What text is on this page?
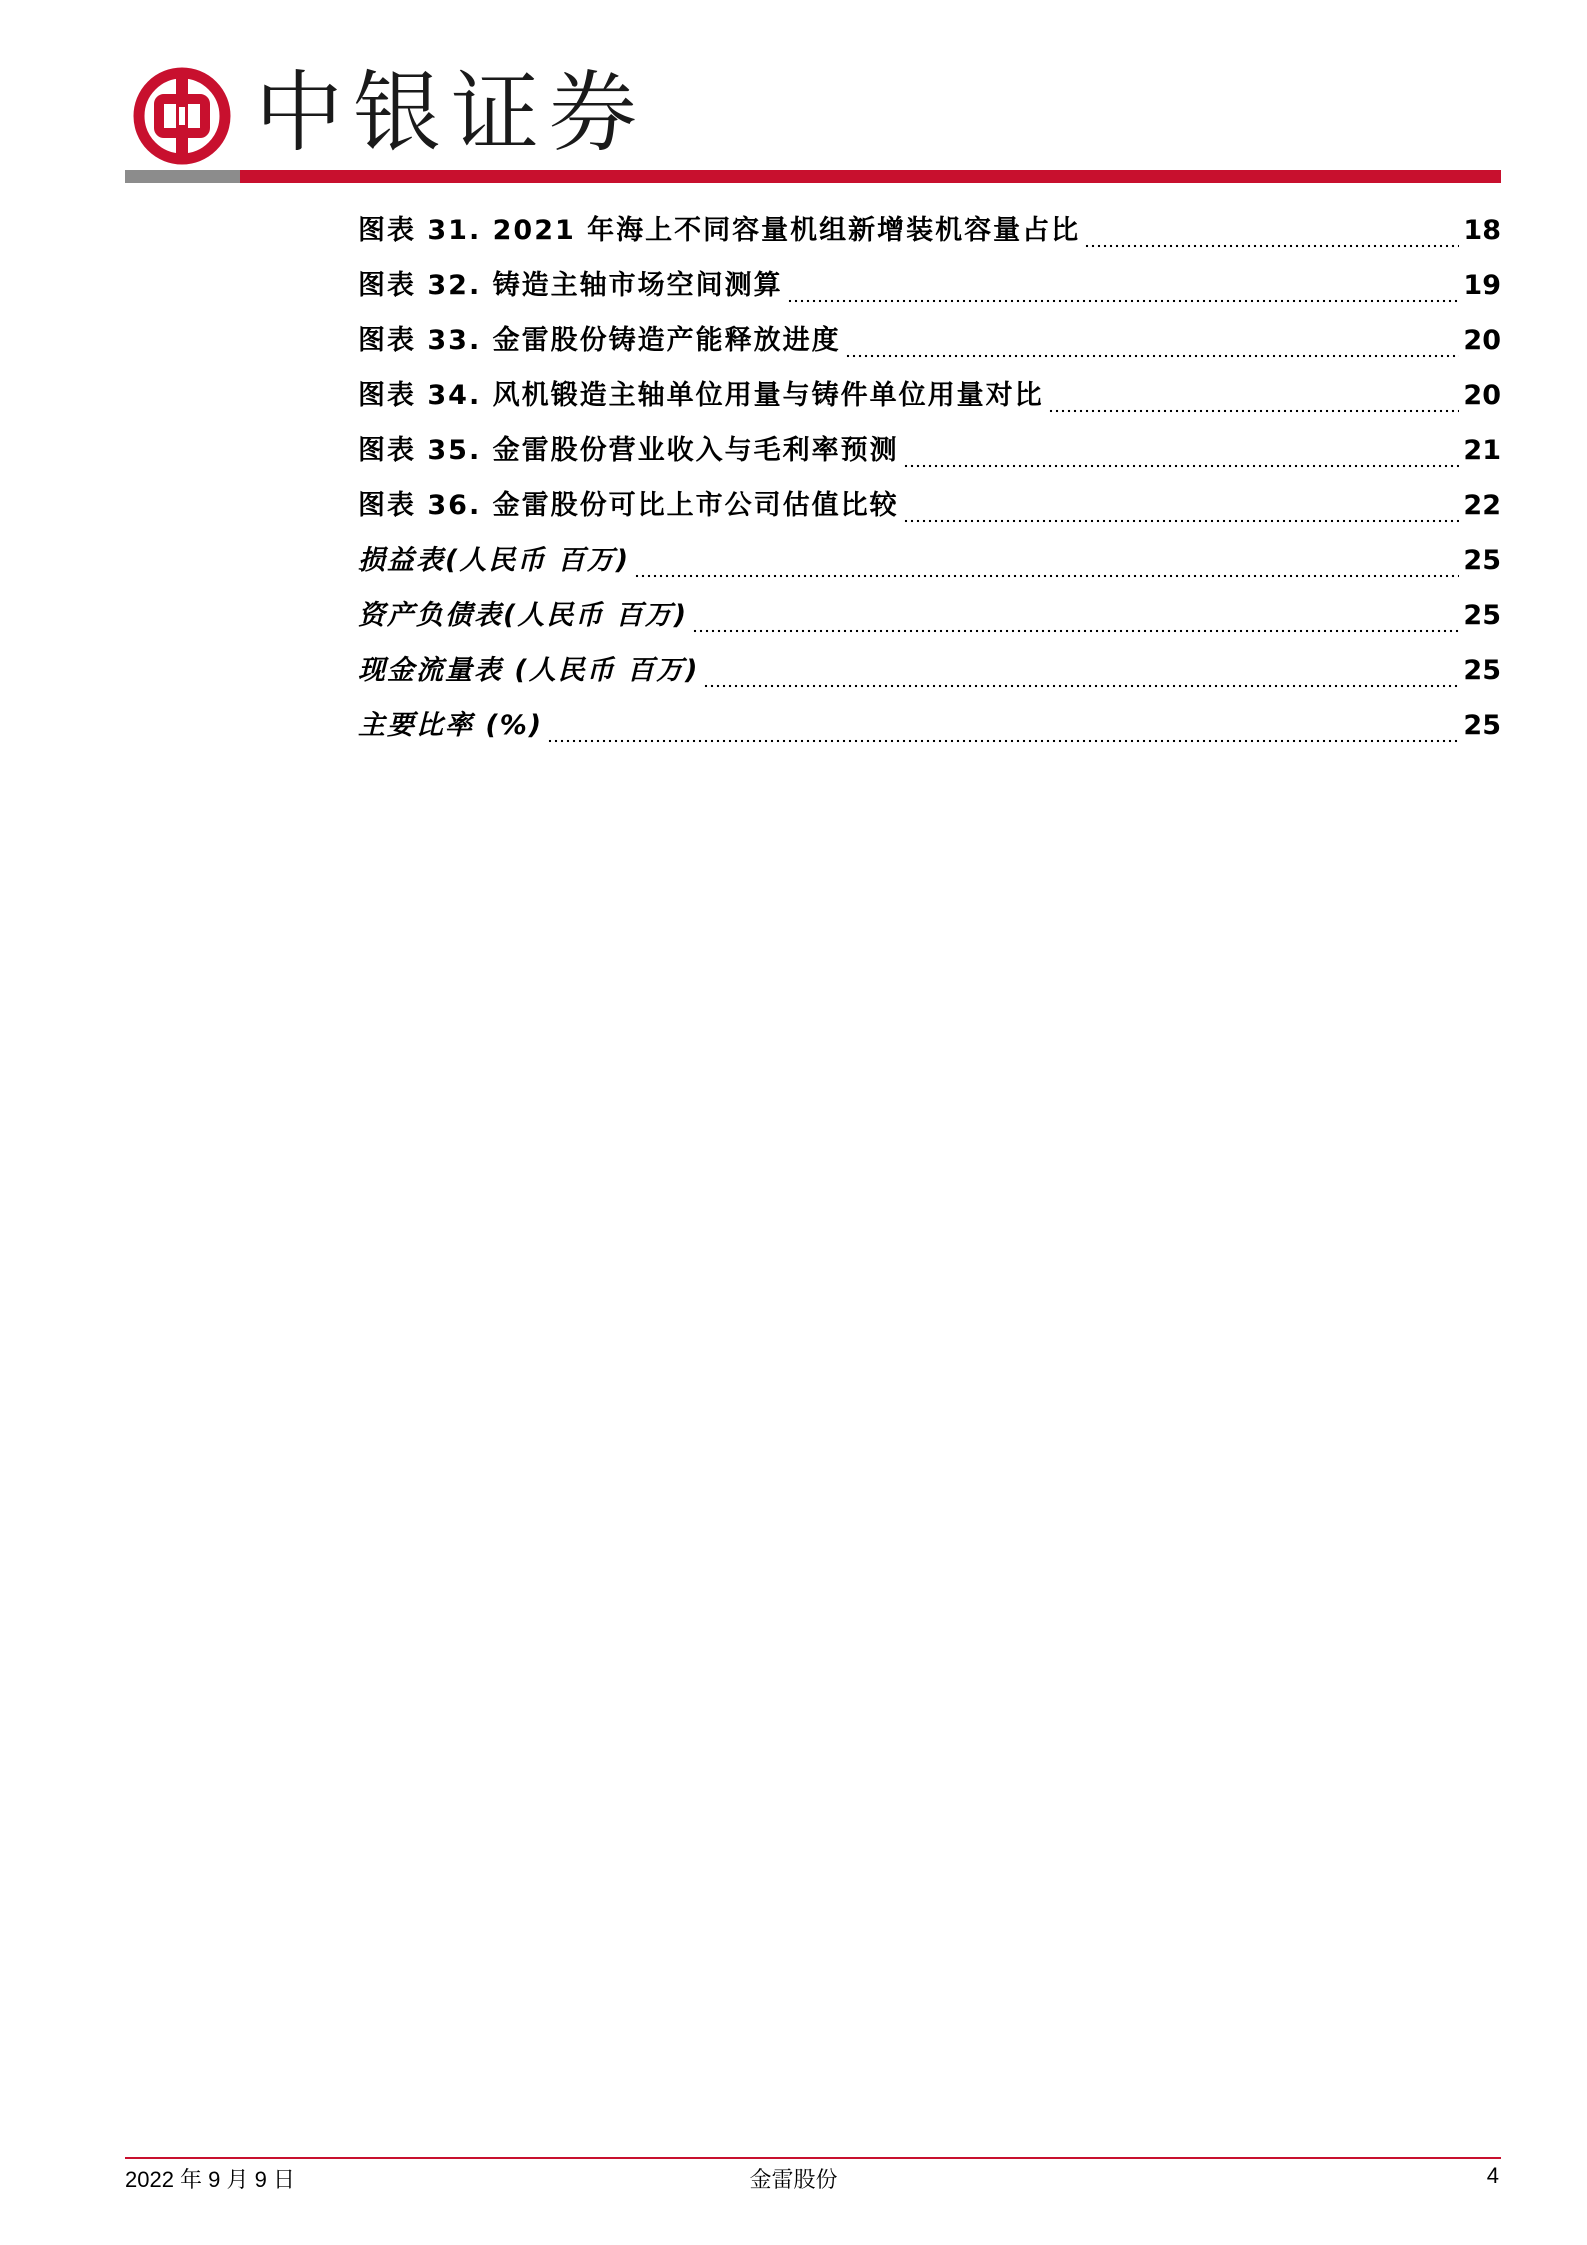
中银证券
图表 31. 2021 年海上不同容量机组新增装机容量占比	18
图表 32. 铸造主轴市场空间测算	19
图表 33. 金雷股份铸造产能释放进度	20
图表 34. 风机锻造主轴单位用量与铸件单位用量对比	20
图表 35. 金雷股份营业收入与毛利率预测	21
图表 36. 金雷股份可比上市公司估值比较	22
损益表(人民币 百万)	25
资产负债表(人民币 百万)	25
现金流量表 (人民币 百万)	25
主要比率 (%)	25
2022 年 9 月 9 日	金雷股份	4
